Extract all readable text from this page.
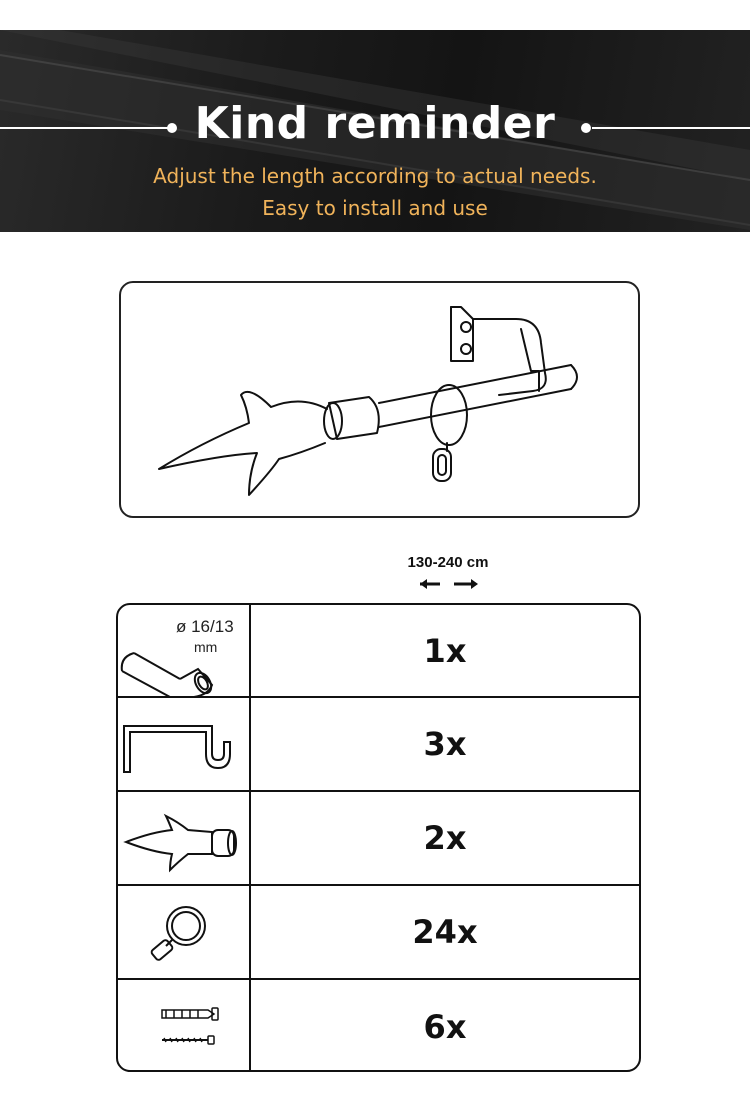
Kind reminder
Adjust the length according to actual needs.
Easy to install and use
130-240 cm
ø 16/13
mm	1x
3x
2x
24x
6x
